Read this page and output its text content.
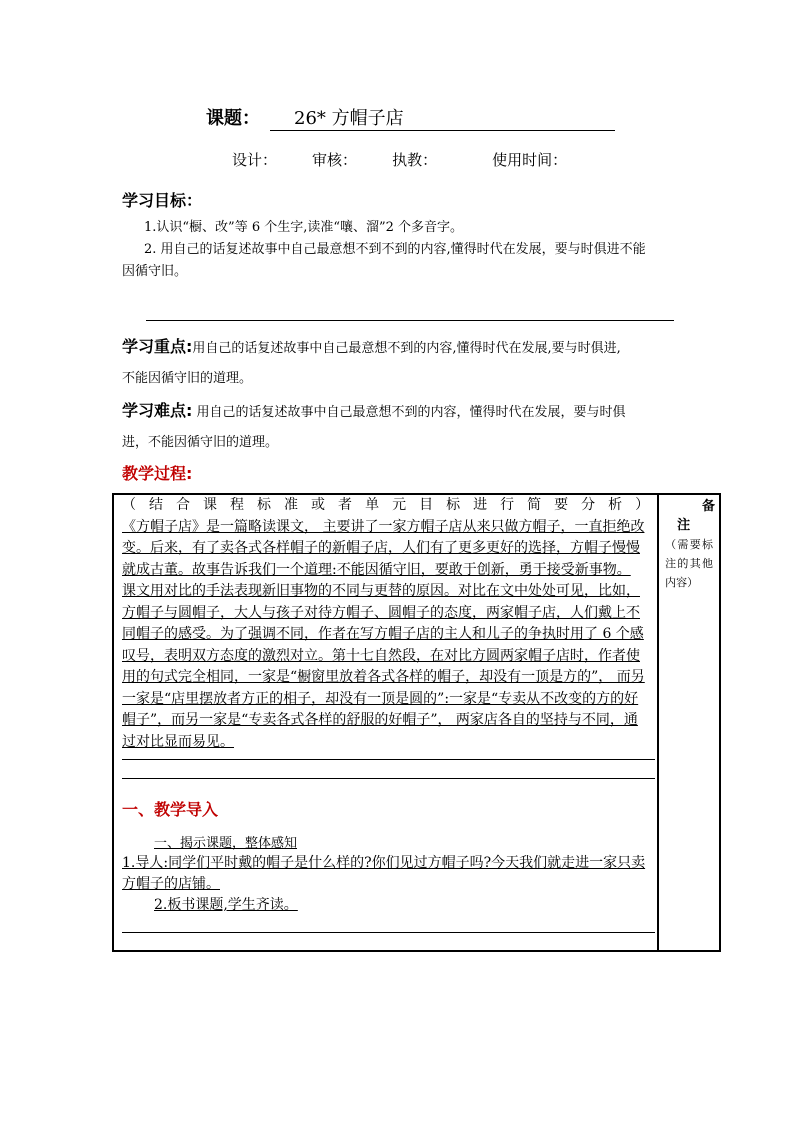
课题： 26* 方帽子店
设计： 审核： 执教：	使用时间：
学习目标：
1.认识“橱、改”等 6 个生字,读准“嚷、溜”2 个多音字。
2. 用自己的话复述故事中自己最意想不到不到的内容,懂得时代在发展，要与时俱进不能
因循守旧。
学习重点:用自己的话复述故事中自己最意想不到的内容,懂得时代在发展,要与时俱进,
不能因循守旧的道理。
学习难点: 用自己的话复述故事中自己最意想不到的内容，懂得时代在发展，要与时俱
进，不能因循守旧的道理。
教学过程:
（结合课程标准或者单元目标进行简要分析）

《方帽子店》是一篇略读课文， 主要讲了一家方帽子店从来只做方帽子，一直拒绝改变。后来，有了卖各式各样帽子的新帽子店，人们有了更多更好的选择，方帽子慢慢就成古董。故事告诉我们一个道理:不能因循守旧，要敢于创新，勇于接受新事物。

课文用对比的手法表现新旧事物的不同与更替的原因。对比在文中处处可见，比如，方帽子与圆帽子，大人与孩子对待方帽子、圆帽子的态度，两家帽子店，人们戴上不同帽子的感受。为了强调不同，作者在写方帽子店的主人和儿子的争执时用了 6 个感叹号，表明双方态度的激烈对立。第十七自然段，在对比方圆两家帽子店时，作者使用的句式完全相同，一家是“橱窗里放着各式各样的帽子，却没有一顶是方的”， 而另一家是“店里摆放者方正的相子，却没有一顶是圆的”:一家是“专卖从不改变的方的好帽子”，而另一家是“专卖各式各样的舒服的好帽子”， 两家店各自的坚持与不同，通过对比显而易见。

一、教学导入
一、揭示课题，整体感知
1.导人:同学们平时戴的帽子是什么样的?你们见过方帽子吗?今天我们就走进一家只卖方帽子的店铺。
2.板书课题,学生齐读。

备
注
（需要标注的其他内容）
